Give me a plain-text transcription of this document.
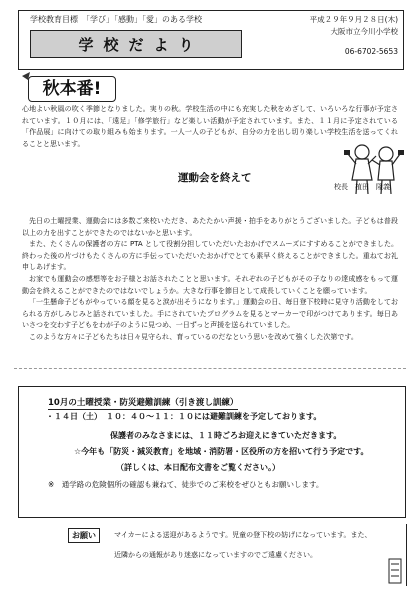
学校教育目標　「学び」「感動」「愛」のある学校
学校だより
平成２９年９月２８日(木)
大阪市立今川小学校
06-6702-5653
秋本番!
心地よい秋風の吹く季節となりました。実りの秋。学校生活の中にも充実した秋をめざして、いろいろな行事が予定されています。１０月には、「遠足」「修学旅行」など楽しい活動が予定されています。また、１１月に予定されている「作品展」に向けての取り組みも始まります。一人一人の子どもが、自分の力を出し切り楽しい学校生活を送ってくれることと思います。
運動会を終えて
校長　植田　隆義

先日の土曜授業、運動会には多数ご来校いただき、あたたかい声援・拍手をありがとうございました。子どもは普段以上の力を出すことができたのではないかと思います。

また、たくさんの保護者の方に PTA として役割分担していただいたおかげでスムーズにすすめることができました。終わった後の片づけもたくさんの方に手伝っていただいたおかげでとても素早く終えることができました。重ねてお礼申しあげます。

お家でも運動会の感想等をお子様とお話されたことと思います。それぞれの子どもがその子なりの達成感をもって運動会を終えることができたのではないでしょうか。大きな行事を節目として成長していくことを願っています。

「一生懸命子どもがやっている顔を見ると涙が出そうになります。」運動会の日、毎日登下校時に見守り活動をしておられる方がしみじみと話されていました。手にされていたプログラムを見るとマーカーで印がつけてあります。毎日あいさつを交わす子どもをわが子のように見つめ、一日ずっと声援を送られていました。

このような方々に子どもたちは日々見守られ、育っているのだなという思いを改めて強くした次第です。

10月の土曜授業・防災避難訓練（引き渡し訓練）
・１４日（土） １０：４０～１１：１０には避難訓練を予定しております。
保護者のみなさまには、１１時ごろお迎えにきていただきます。
☆今年も「防災・減災教育」を地域・消防署・区役所の方を招いて行う予定です。
（詳しくは、本日配布文書をご覧ください。）
※　通学路の危険個所の確認も兼ねて、徒歩でのご来校をぜひともお願いします。
お願い	マイカーによる送迎があるようです。児童の登下校の妨げになっています。また、
近隣からの通報があり迷惑になっていますのでご遠慮ください。
